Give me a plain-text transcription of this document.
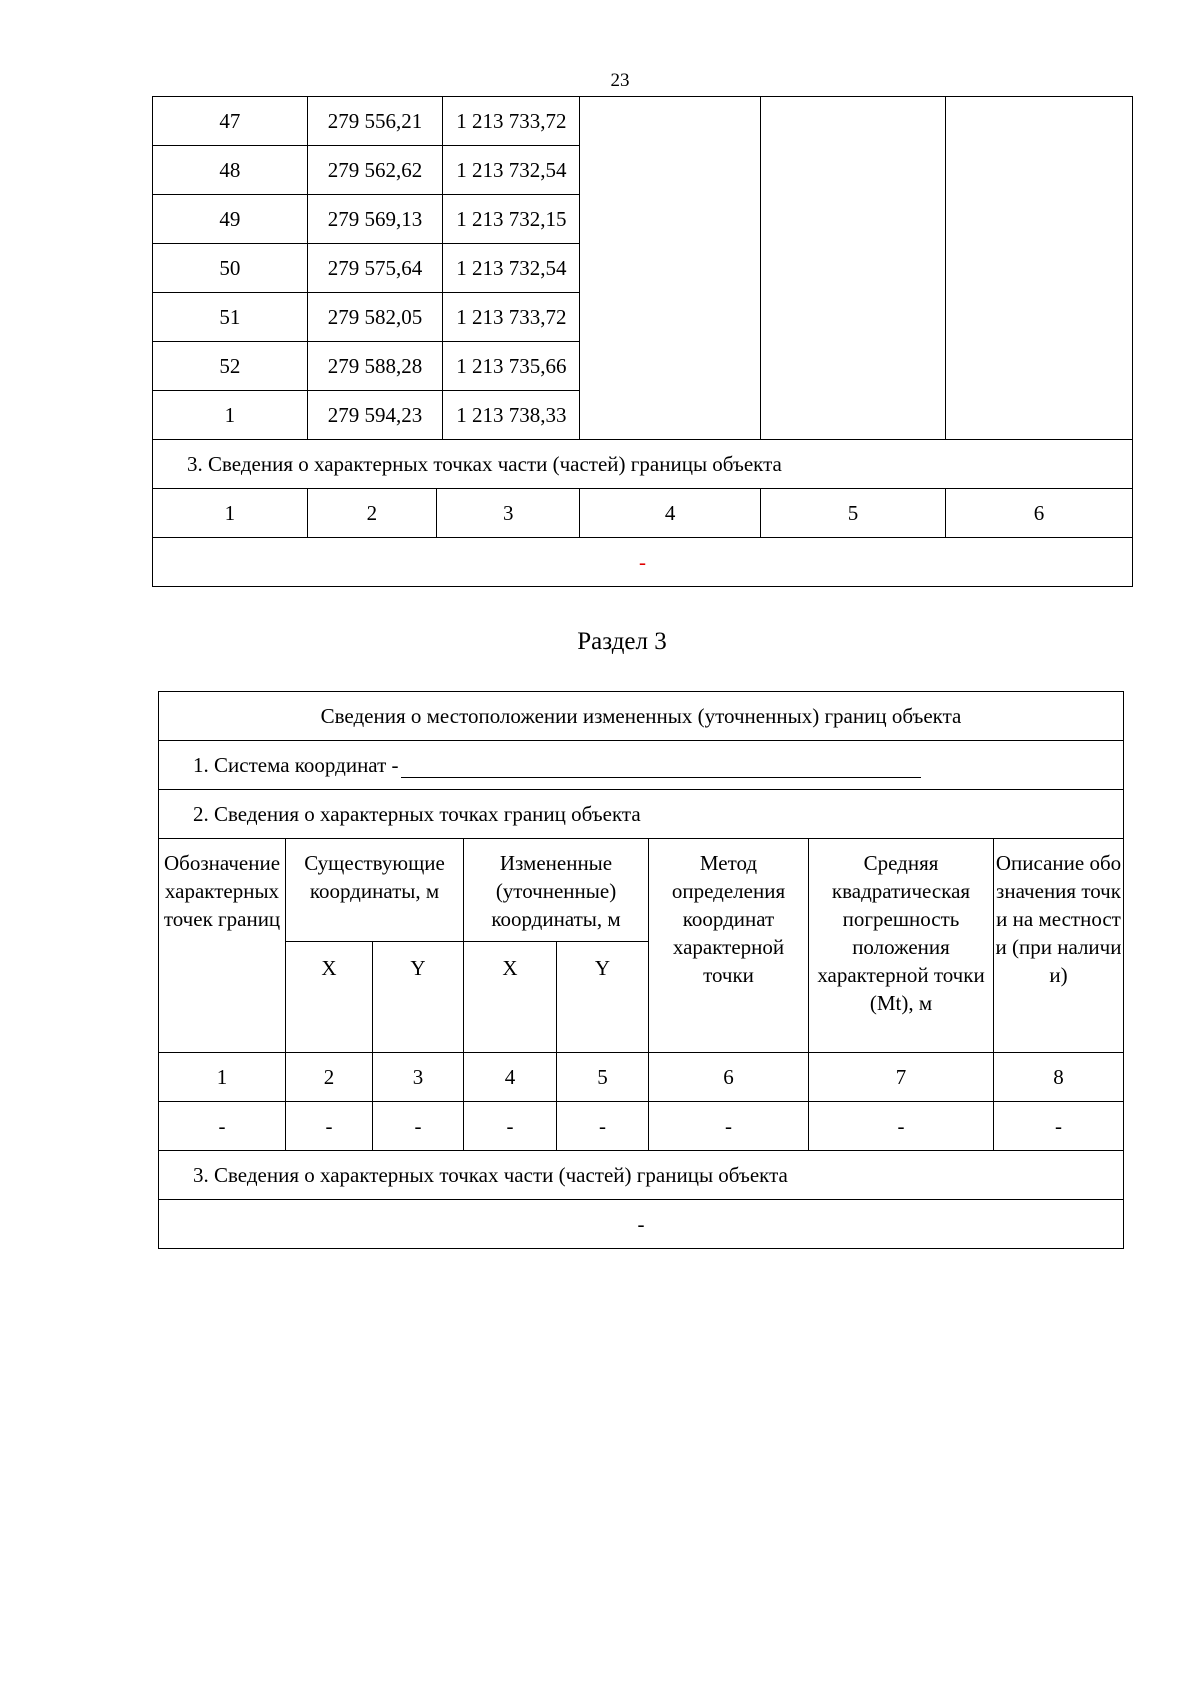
23
47	279 556,21		1 213 733,72			
48	279 562,62		1 213 732,54			
49	279 569,13		1 213 732,15			
50	279 575,64		1 213 732,54			
51	279 582,05		1 213 733,72			
52	279 588,28		1 213 735,66			
1	279 594,23		1 213 738,33			
3. Сведения о характерных точках части (частей) границы объекта						
1	2	3		4	5	6
-						
Раздел 3
Сведения о местоположении измененных (уточненных) границ объекта							
1. Система координат -							
2. Сведения о характерных точках границ объекта							
Обозначение характерных точек границ	Существующие координаты, м		Измененные (уточненные) координаты, м		Метод определения координат характерной точки	Средняя квадратическая погрешность положения характерной точки (Mt), м	Описание обозначения точки на местности (при наличии)
	X	Y	X	Y			
1	2	3	4	5	6	7	8
-	-	-	-	-	-	-	-
3. Сведения о характерных точках части (частей) границы объекта							
-							
